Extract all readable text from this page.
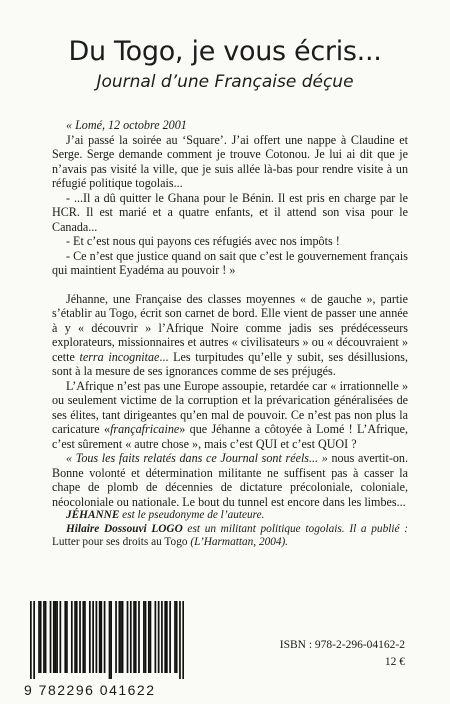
Du Togo, je vous écris...
Journal d’une Française déçue

« Lomé, 12 octobre 2001

J’ai passé la soirée au ‘Square’. J’ai offert une nappe à Claudine et Serge. Serge demande comment je trouve Cotonou. Je lui ai dit que je n’avais pas visité la ville, que je suis allée là-bas pour rendre visite à un réfugié politique togolais...

- ...Il a dû quitter le Ghana pour le Bénin. Il est pris en charge par le HCR. Il est marié et a quatre enfants, et il attend son visa pour le Canada...

- Et c’est nous qui payons ces réfugiés avec nos impôts !

- Ce n’est que justice quand on sait que c’est le gouvernement français qui maintient Eyadéma au pouvoir ! »

Jéhanne, une Française des classes moyennes « de gauche », partie s’établir au Togo, écrit son carnet de bord. Elle vient de passer une année à y « découvrir » l’Afrique Noire comme jadis ses prédécesseurs explorateurs, missionnaires et autres « civilisateurs » ou « découvraient » cette terra incognitae... Les turpitudes qu’elle y subit, ses désillusions, sont à la mesure de ses ignorances comme de ses préjugés.

L’Afrique n’est pas une Europe assoupie, retardée car « irrationnelle » ou seulement victime de la corruption et la prévarication généralisées de ses élites, tant dirigeantes qu’en mal de pouvoir. Ce n’est pas non plus la caricature «françafricaine» que Jéhanne a côtoyée à Lomé ! L’Afrique, c’est sûrement « autre chose », mais c’est QUI et c’est QUOI ?

« Tous les faits relatés dans ce Journal sont réels... » nous avertit-on. Bonne volonté et détermination militante ne suffisent pas à casser la chape de plomb de décennies de dictature précoloniale, coloniale, néocoloniale ou nationale. Le bout du tunnel est encore dans les limbes...

JÉHANNE est le pseudonyme de l’auteure.

Hilaire Dossouvi LOGO est un militant politique togolais. Il a publié : Lutter pour ses droits au Togo (L’Harmattan, 2004).

9 782296 041622
ISBN : 978-2-296-04162-2
12 €
